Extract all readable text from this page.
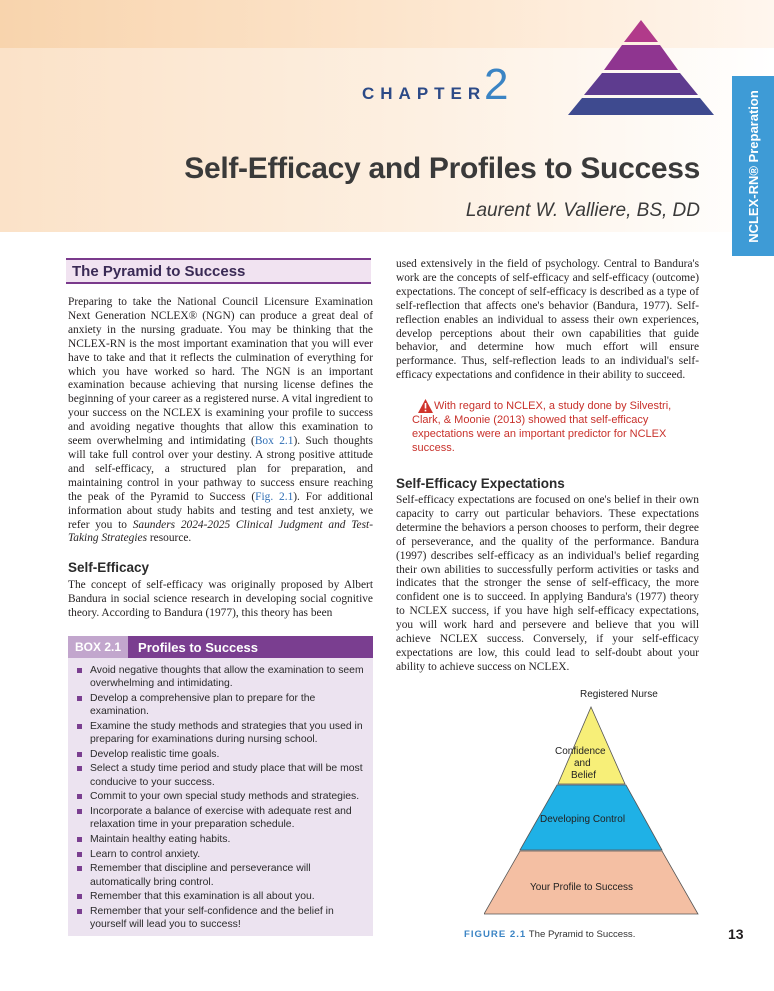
CHAPTER
2
Self-Efficacy and Profiles to Success
Laurent W. Valliere, BS, DD	NCLEX-RN® Preparation
The Pyramid to Success

Preparing to take the National Council Licensure Examination Next Generation NCLEX® (NGN) can produce a great deal of anxiety in the nursing graduate. You may be thinking that the NCLEX-RN is the most important examination that you will ever have to take and that it reflects the culmination of everything for which you have worked so hard. The NGN is an important examination because achieving that nursing license defines the beginning of your career as a registered nurse. A vital ingredient to your success on the NCLEX is examining your profile to success and avoiding negative thoughts that allow this examination to seem overwhelming and intimidating (Box 2.1). Such thoughts will take full control over your destiny. A strong positive attitude and self-efficacy, a structured plan for preparation, and maintaining control in your pathway to success ensure reaching the peak of the Pyramid to Success (Fig. 2.1). For additional information about study habits and testing and test anxiety, we refer you to Saunders 2024-2025 Clinical Judgment and Test-Taking Strategies resource.

Self-Efficacy

The concept of self-efficacy was originally proposed by Albert Bandura in social science research in developing social cognitive theory. According to Bandura (1977), this theory has been

BOX 2.1	Profiles to Success
Avoid negative thoughts that allow the examination to seem overwhelming and intimidating.
Develop a comprehensive plan to prepare for the examination.
Examine the study methods and strategies that you used in preparing for examinations during nursing school.
Develop realistic time goals.
Select a study time period and study place that will be most conducive to your success.
Commit to your own special study methods and strategies.
Incorporate a balance of exercise with adequate rest and relaxation time in your preparation schedule.
Maintain healthy eating habits.
Learn to control anxiety.
Remember that discipline and perseverance will automatically bring control.
Remember that this examination is all about you.
Remember that your self-confidence and the belief in yourself will lead you to success!

used extensively in the field of psychology. Central to Bandura's work are the concepts of self-efficacy and self-efficacy (outcome) expectations. The concept of self-efficacy is described as a type of self-reflection that affects one's behavior (Bandura, 1977). Self-reflection enables an individual to assess their own experiences, develop perceptions about their own capabilities that guide behavior, and determine how much effort will ensure performance. Thus, self-reflection leads to an individual's self-efficacy expectations and confidence in their ability to succeed.

With regard to NCLEX, a study done by Silvestri, Clark, & Moonie (2013) showed that self-efficacy expectations were an important predictor for NCLEX success.
Self-Efficacy Expectations

Self-efficacy expectations are focused on one's belief in their own capacity to carry out particular behaviors. These expectations determine the behaviors a person chooses to perform, their degree of perseverance, and the quality of the performance. Bandura (1997) describes self-efficacy as an individual's belief regarding their own abilities to successfully perform activities or tasks and indicates that the stronger the sense of self-efficacy, the more confident one is to succeed. In applying Bandura's (1977) theory to NCLEX success, if you have high self-efficacy expectations, you will work hard and persevere and believe that you will achieve NCLEX success. Conversely, if your self-efficacy expectations are low, this could lead to self-doubt about your ability to achieve success on NCLEX.

Registered Nurse
Confidence
and
Belief
Developing Control
Your Profile to Success
FIGURE 2.1 The Pyramid to Success.	13
